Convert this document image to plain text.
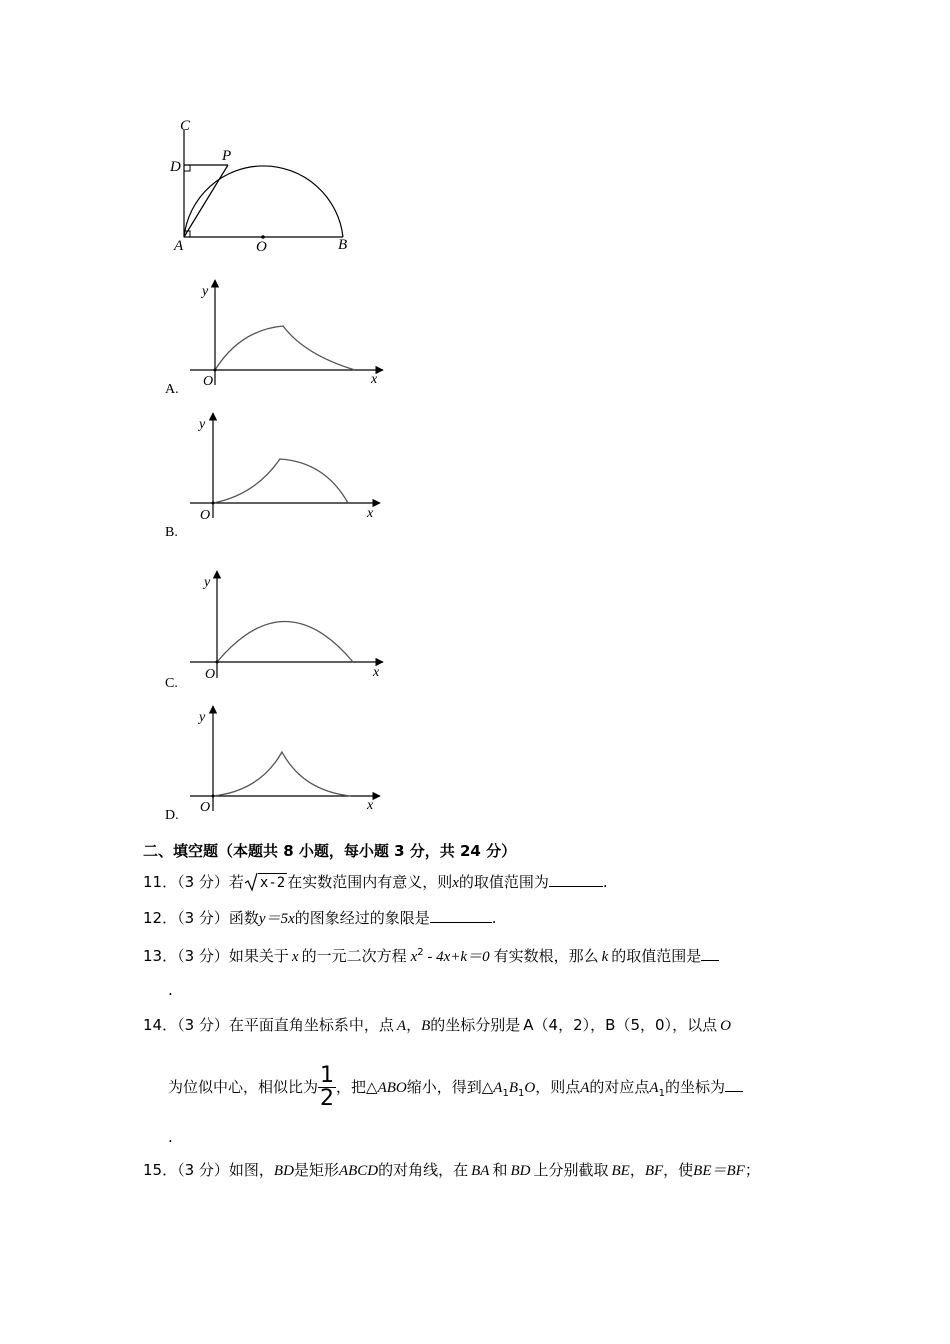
C
D
P
A	O	B
y
x
O
A.
y
x
O
B.
y
x
O
C.
y
x
O
D.
二、填空题（本题共 8 小题，每小题 3 分，共 24 分）
11．（3 分）若 x-2 在实数范围内有意义，则x的取值范围为	.
12．（3 分）函数y＝5x的图象经过的象限是	.
13．（3 分）如果关于 x 的一元二次方程 $x^2 - 4x+k=0$ 有实数根，那么 k 的取值范围是
.
14．（3 分）在平面直角坐标系中，点 A，B的坐标分别是 A（4，2），B（5，0），以点 O
为位似中心，相似比为 $\frac{1}{2}$ ，把△ABO缩小，得到$\triangle A_1B_1O$，则点A的对应点$A_1$的坐标为
.
15．（3 分）如图，BD是矩形ABCD的对角线，在 BA 和 BD 上分别截取 BE，BF，使BE＝BF；
